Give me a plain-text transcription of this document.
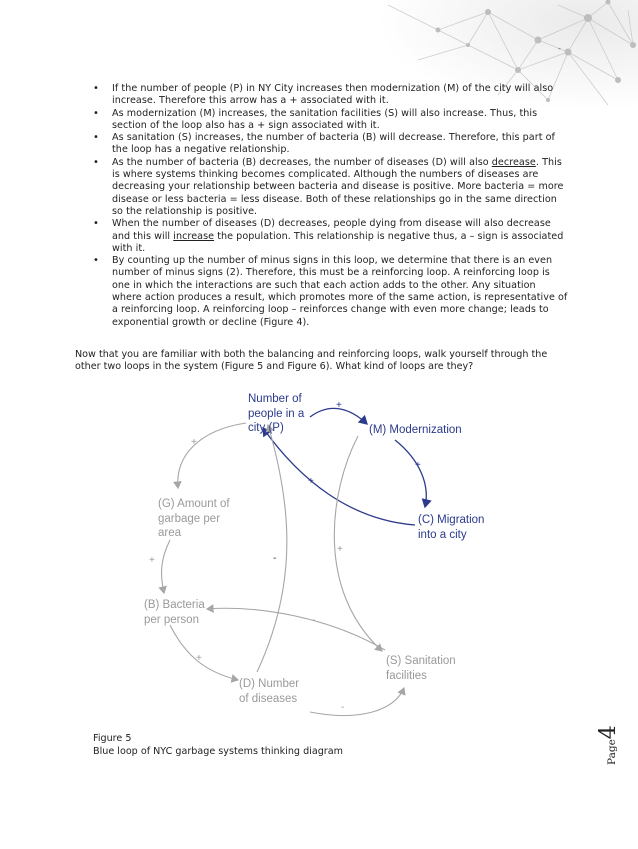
-
• If the number of people (P) in NY City increases then modernization (M) of the city will also increase. Therefore this arrow has a + associated with it.
• As modernization (M) increases, the sanitation facilities (S) will also increase. Thus, this section of the loop also has a + sign associated with it.
• As sanitation (S) increases, the number of bacteria (B) will decrease. Therefore, this part of the loop has a negative relationship.
• As the number of bacteria (B) decreases, the number of diseases (D) will also decrease. This is where systems thinking becomes complicated. Although the numbers of diseases are decreasing your relationship between bacteria and disease is positive. More bacteria = more disease or less bacteria = less disease. Both of these relationships go in the same direction so the relationship is positive.
• When the number of diseases (D) decreases, people dying from disease will also decrease and this will increase the population. This relationship is negative thus, a – sign is associated with it.
• By counting up the number of minus signs in this loop, we determine that there is an even number of minus signs (2). Therefore, this must be a reinforcing loop. A reinforcing loop is one in which the interactions are such that each action adds to the other. Any situation where action produces a result, which promotes more of the same action, is representative of a reinforcing loop. A reinforcing loop – reinforces change with even more change; leads to exponential growth or decline (Figure 4).

Now that you are familiar with both the balancing and reinforcing loops, walk yourself through the other two loops in the system (Figure 5 and Figure 6). What kind of loops are they?

Number of people in a city (P)	(M) Modernization
(C) Migration into a city
(G) Amount of garbage per area
(B) Bacteria per person
(S) Sanitation facilities
(D) Number of diseases
+
+
+
+
+	-
+
-
+
-
Figure 5
Blue loop of NYC garbage systems thinking diagram	Page4
